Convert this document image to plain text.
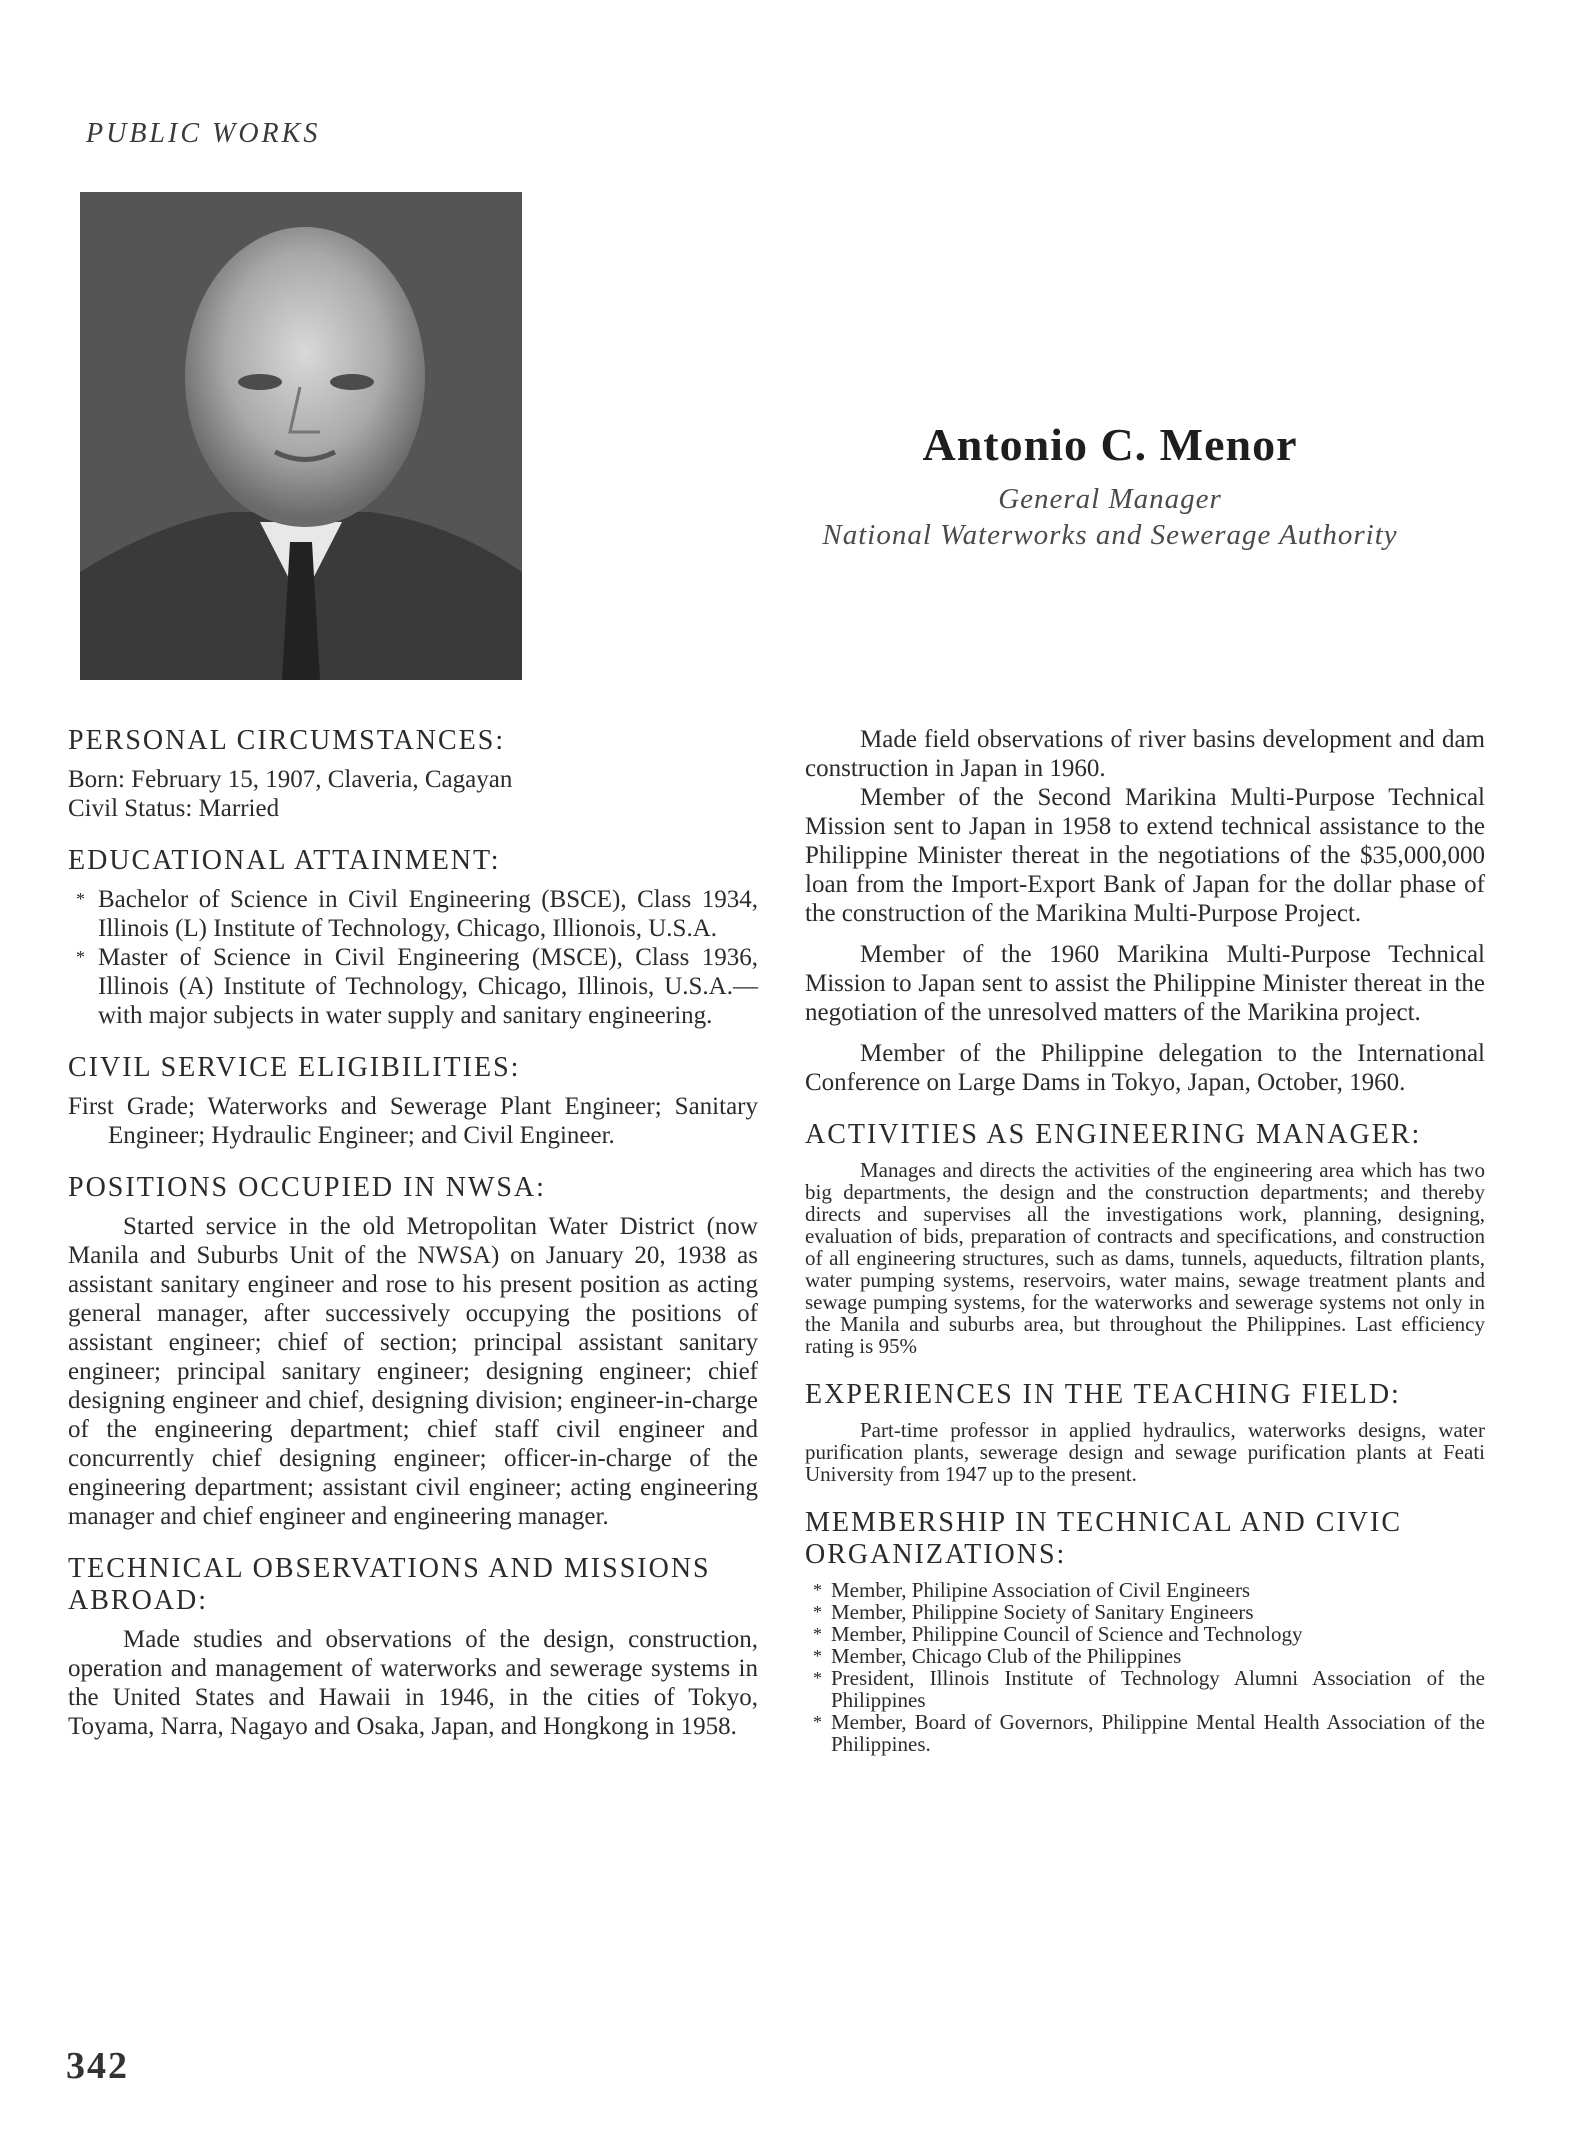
PUBLIC WORKS
Antonio C. Menor
General Manager
National Waterworks and Sewerage Authority
PERSONAL CIRCUMSTANCES:

Born: February 15, 1907, Claveria, Cagayan

Civil Status: Married

EDUCATIONAL ATTAINMENT:
* Bachelor of Science in Civil Engineering (BSCE), Class 1934, Illinois (L) Institute of Technology, Chicago, Illionois, U.S.A.
* Master of Science in Civil Engineering (MSCE), Class 1936, Illinois (A) Institute of Technology, Chicago, Illinois, U.S.A.—with major subjects in water supply and sanitary engineering.
CIVIL SERVICE ELIGIBILITIES:

First Grade; Waterworks and Sewerage Plant Engineer; Sanitary Engineer; Hydraulic Engineer; and Civil Engineer.

POSITIONS OCCUPIED IN NWSA:

Started service in the old Metropolitan Water District (now Manila and Suburbs Unit of the NWSA) on January 20, 1938 as assistant sanitary engineer and rose to his present position as acting general manager, after successively occupying the positions of assistant engineer; chief of section; principal assistant sanitary engineer; principal sanitary engineer; designing engineer; chief designing engineer and chief, designing division; engineer-in-charge of the engineering department; chief staff civil engineer and concurrently chief designing engineer; officer-in-charge of the engineering department; assistant civil engineer; acting engineering manager and chief engineer and engineering manager.

TECHNICAL OBSERVATIONS AND MISSIONS ABROAD:

Made studies and observations of the design, construction, operation and management of waterworks and sewerage systems in the United States and Hawaii in 1946, in the cities of Tokyo, Toyama, Narra, Nagayo and Osaka, Japan, and Hongkong in 1958.

Made field observations of river basins development and dam construction in Japan in 1960.

Member of the Second Marikina Multi-Purpose Technical Mission sent to Japan in 1958 to extend technical assistance to the Philippine Minister thereat in the negotiations of the $35,000,000 loan from the Import-Export Bank of Japan for the dollar phase of the construction of the Marikina Multi-Purpose Project.

Member of the 1960 Marikina Multi-Purpose Technical Mission to Japan sent to assist the Philippine Minister thereat in the negotiation of the unresolved matters of the Marikina project.

Member of the Philippine delegation to the International Conference on Large Dams in Tokyo, Japan, October, 1960.

ACTIVITIES AS ENGINEERING MANAGER:

Manages and directs the activities of the engineering area which has two big departments, the design and the construction departments; and thereby directs and supervises all the investigations work, planning, designing, evaluation of bids, preparation of contracts and specifications, and construction of all engineering structures, such as dams, tunnels, aqueducts, filtration plants, water pumping systems, reservoirs, water mains, sewage treatment plants and sewage pumping systems, for the waterworks and sewerage systems not only in the Manila and suburbs area, but throughout the Philippines. Last efficiency rating is 95%

EXPERIENCES IN THE TEACHING FIELD:

Part-time professor in applied hydraulics, waterworks designs, water purification plants, sewerage design and sewage purification plants at Feati University from 1947 up to the present.

MEMBERSHIP IN TECHNICAL AND CIVIC ORGANIZATIONS:
* Member, Philipine Association of Civil Engineers
* Member, Philippine Society of Sanitary Engineers
* Member, Philippine Council of Science and Technology
* Member, Chicago Club of the Philippines
* President, Illinois Institute of Technology Alumni Association of the Philippines
* Member, Board of Governors, Philippine Mental Health Association of the Philippines.
342
